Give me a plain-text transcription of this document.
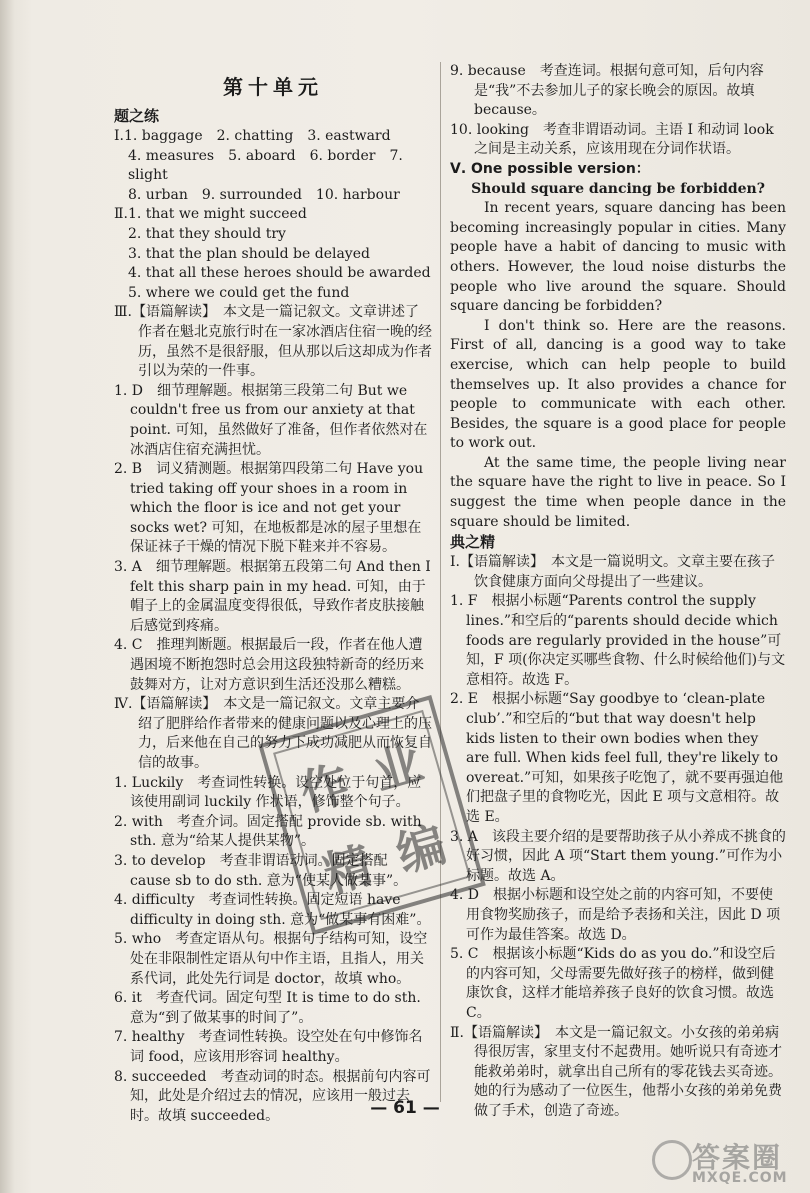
第十单元
题之练

Ⅰ.1. baggage　2. chatting　3. eastward

4. measures　5. aboard　6. border　7. slight

8. urban　9. surrounded　10. harbour

Ⅱ.1. that we might succeed

2. that they should try

3. that the plan should be delayed

4. that all these heroes should be awarded

5. where we could get the fund

Ⅲ.【语篇解读】　本文是一篇记叙文。文章讲述了作者在魁北克旅行时在一家冰酒店住宿一晚的经历，虽然不是很舒服，但从那以后这却成为作者引以为荣的一件事。

1. D　细节理解题。根据第三段第二句 But we couldn't free us from our anxiety at that point. 可知，虽然做好了准备，但作者依然对在冰酒店住宿充满担忧。

2. B　词义猜测题。根据第四段第二句 Have you tried taking off your shoes in a room in which the floor is ice and not get your socks wet? 可知，在地板都是冰的屋子里想在保证袜子干燥的情况下脱下鞋来并不容易。

3. A　细节理解题。根据第五段第二句 And then I felt this sharp pain in my head. 可知，由于帽子上的金属温度变得很低，导致作者皮肤接触后感觉到疼痛。

4. C　推理判断题。根据最后一段，作者在他人遭遇困境不断抱怨时总会用这段独特新奇的经历来鼓舞对方，让对方意识到生活还没那么糟糕。

Ⅳ.【语篇解读】　本文是一篇记叙文。文章主要介绍了肥胖给作者带来的健康问题以及心理上的压力，后来他在自己的努力下成功减肥从而恢复自信的故事。

1. Luckily　考查词性转换。设空处位于句首，应该使用副词 luckily 作状语，修饰整个句子。

2. with　考查介词。固定搭配 provide sb. with sth. 意为“给某人提供某物”。

3. to develop　考查非谓语动词。固定搭配 cause sb to do sth. 意为“使某人做某事”。

4. difficulty　考查词性转换。固定短语 have difficulty in doing sth. 意为“做某事有困难”。

5. who　考查定语从句。根据句子结构可知，设空处在非限制性定语从句中作主语，且指人，用关系代词，此处先行词是 doctor，故填 who。

6. it　考查代词。固定句型 It is time to do sth. 意为“到了做某事的时间了”。

7. healthy　考查词性转换。设空处在句中修饰名词 food，应该用形容词 healthy。

8. succeeded　考查动词的时态。根据前句内容可知，此处是介绍过去的情况，应该用一般过去时。故填 succeeded。

9. because　考查连词。根据句意可知，后句内容是“我”不去参加儿子的家长晚会的原因。故填 because。

10. looking　考查非谓语动词。主语 I 和动词 look 之间是主动关系，应该用现在分词作状语。

Ⅴ. One possible version：

Should square dancing be forbidden?

In recent years, square dancing has been becoming increasingly popular in cities. Many people have a habit of dancing to music with others. However, the loud noise disturbs the people who live around the square. Should square dancing be forbidden?

I don't think so. Here are the reasons. First of all, dancing is a good way to take exercise, which can help people to build themselves up. It also provides a chance for people to communicate with each other. Besides, the square is a good place for people to work out.

At the same time, the people living near the square have the right to live in peace. So I suggest the time when people dance in the square should be limited.

典之精

Ⅰ.【语篇解读】　本文是一篇说明文。文章主要在孩子饮食健康方面向父母提出了一些建议。

1. F　根据小标题“Parents control the supply lines.”和空后的“parents should decide which foods are regularly provided in the house”可知，F 项(你决定买哪些食物、什么时候给他们)与文意相符。故选 F。

2. E　根据小标题“Say goodbye to ‘clean-plate club’.”和空后的“but that way doesn't help kids listen to their own bodies when they are full. When kids feel full, they're likely to overeat.”可知，如果孩子吃饱了，就不要再强迫他们把盘子里的食物吃光，因此 E 项与文意相符。故选 E。

3. A　该段主要介绍的是要帮助孩子从小养成不挑食的好习惯，因此 A 项“Start them young.”可作为小标题。故选 A。

4. D　根据小标题和设空处之前的内容可知，不要使用食物奖励孩子，而是给予表扬和关注，因此 D 项可作为最佳答案。故选 D。

5. C　根据该小标题“Kids do as you do.”和设空后的内容可知，父母需要先做好孩子的榜样，做到健康饮食，这样才能培养孩子良好的饮食习惯。故选 C。

Ⅱ.【语篇解读】　本文是一篇记叙文。小女孩的弟弟病得很厉害，家里支付不起费用。她听说只有奇迹才能救弟弟时，就拿出自己所有的零花钱去买奇迹。她的行为感动了一位医生，他帮小女孩的弟弟免费做了手术，创造了奇迹。

作 业
精 编
— 61 —
答案圈
MXQE.COM
